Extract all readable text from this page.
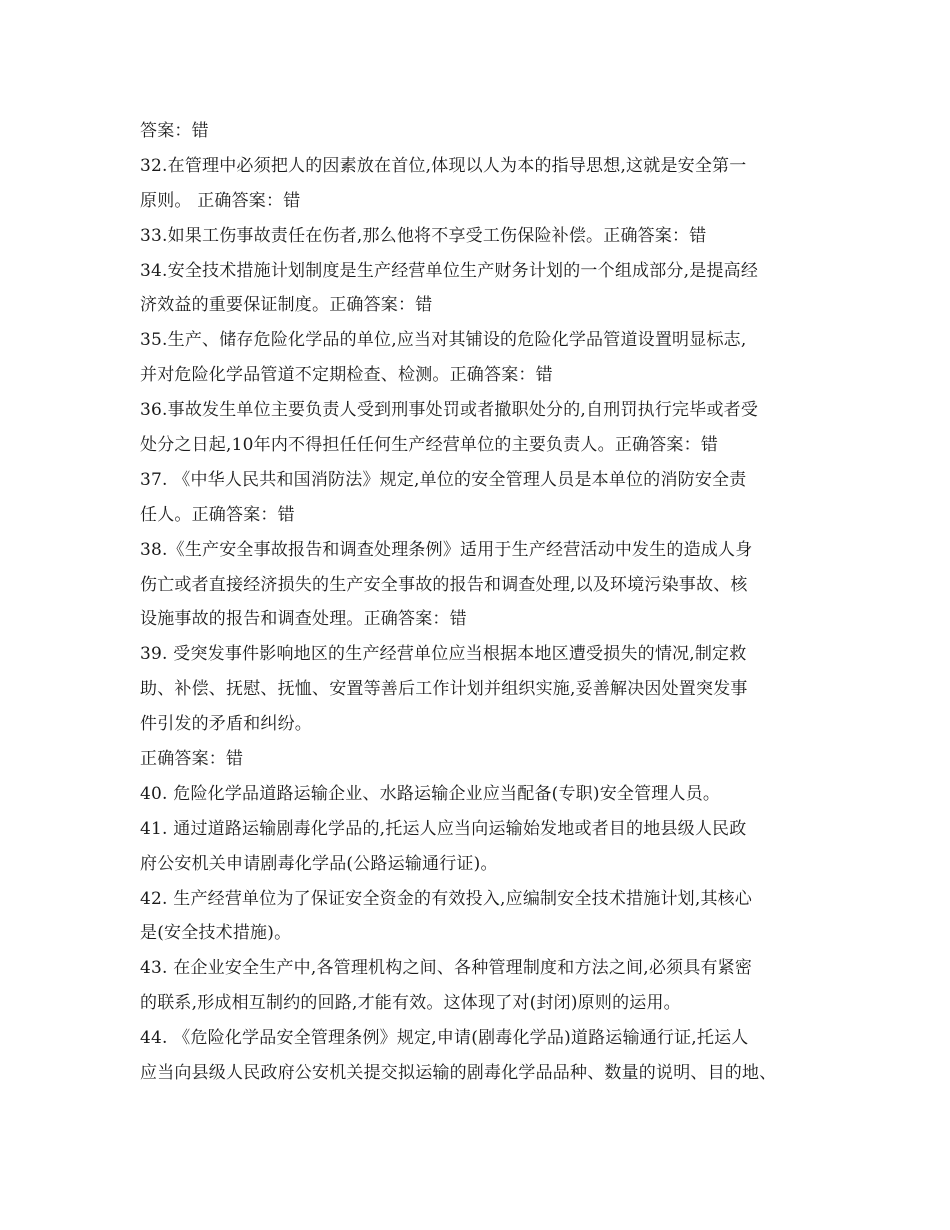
答案：错
32.在管理中必须把人的因素放在首位,体现以人为本的指导思想,这就是安全第一
原则。 正确答案：错
33.如果工伤事故责任在伤者,那么他将不享受工伤保险补偿。正确答案：错
34.安全技术措施计划制度是生产经营单位生产财务计划的一个组成部分,是提高经
济效益的重要保证制度。正确答案：错
35.生产、储存危险化学品的单位,应当对其铺设的危险化学品管道设置明显标志,
并对危险化学品管道不定期检查、检测。正确答案：错
36.事故发生单位主要负责人受到刑事处罚或者撤职处分的,自刑罚执行完毕或者受
处分之日起,10年内不得担任任何生产经营单位的主要负责人。正确答案：错
37. 《中华人民共和国消防法》规定,单位的安全管理人员是本单位的消防安全责
任人。正确答案：错
38.《生产安全事故报告和调查处理条例》适用于生产经营活动中发生的造成人身
伤亡或者直接经济损失的生产安全事故的报告和调查处理,以及环境污染事故、核
设施事故的报告和调查处理。正确答案：错
39. 受突发事件影响地区的生产经营单位应当根据本地区遭受损失的情况,制定救
助、补偿、抚慰、抚恤、安置等善后工作计划并组织实施,妥善解决因处置突发事
件引发的矛盾和纠纷。
正确答案：错
40. 危险化学品道路运输企业、水路运输企业应当配备(专职)安全管理人员。
41. 通过道路运输剧毒化学品的,托运人应当向运输始发地或者目的地县级人民政
府公安机关申请剧毒化学品(公路运输通行证)。
42. 生产经营单位为了保证安全资金的有效投入,应编制安全技术措施计划,其核心
是(安全技术措施)。
43. 在企业安全生产中,各管理机构之间、各种管理制度和方法之间,必须具有紧密
的联系,形成相互制约的回路,才能有效。这体现了对(封闭)原则的运用。
44. 《危险化学品安全管理条例》规定,申请(剧毒化学品)道路运输通行证,托运人
应当向县级人民政府公安机关提交拟运输的剧毒化学品品种、数量的说明、目的地、
